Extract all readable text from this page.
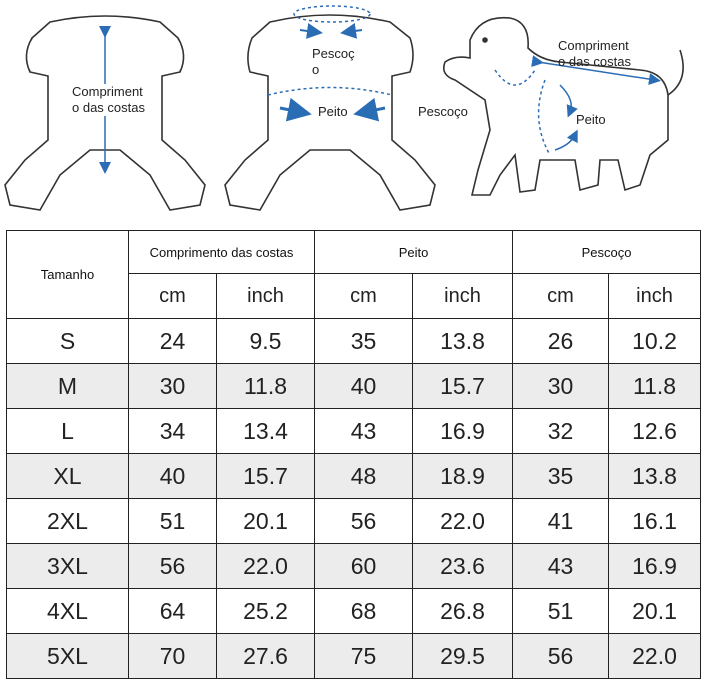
Compriment
o das costas
Pescoç
o
Peito
Compriment
o das costas
Pescoço
Peito
Tamanho	Comprimento das costas		Peito		Pescoço	
	cm	inch	cm	inch	cm	inch
S	24	9.5	35	13.8	26	10.2
M	30	11.8	40	15.7	30	11.8
L	34	13.4	43	16.9	32	12.6
XL	40	15.7	48	18.9	35	13.8
2XL	51	20.1	56	22.0	41	16.1
3XL	56	22.0	60	23.6	43	16.9
4XL	64	25.2	68	26.8	51	20.1
5XL	70	27.6	75	29.5	56	22.0
